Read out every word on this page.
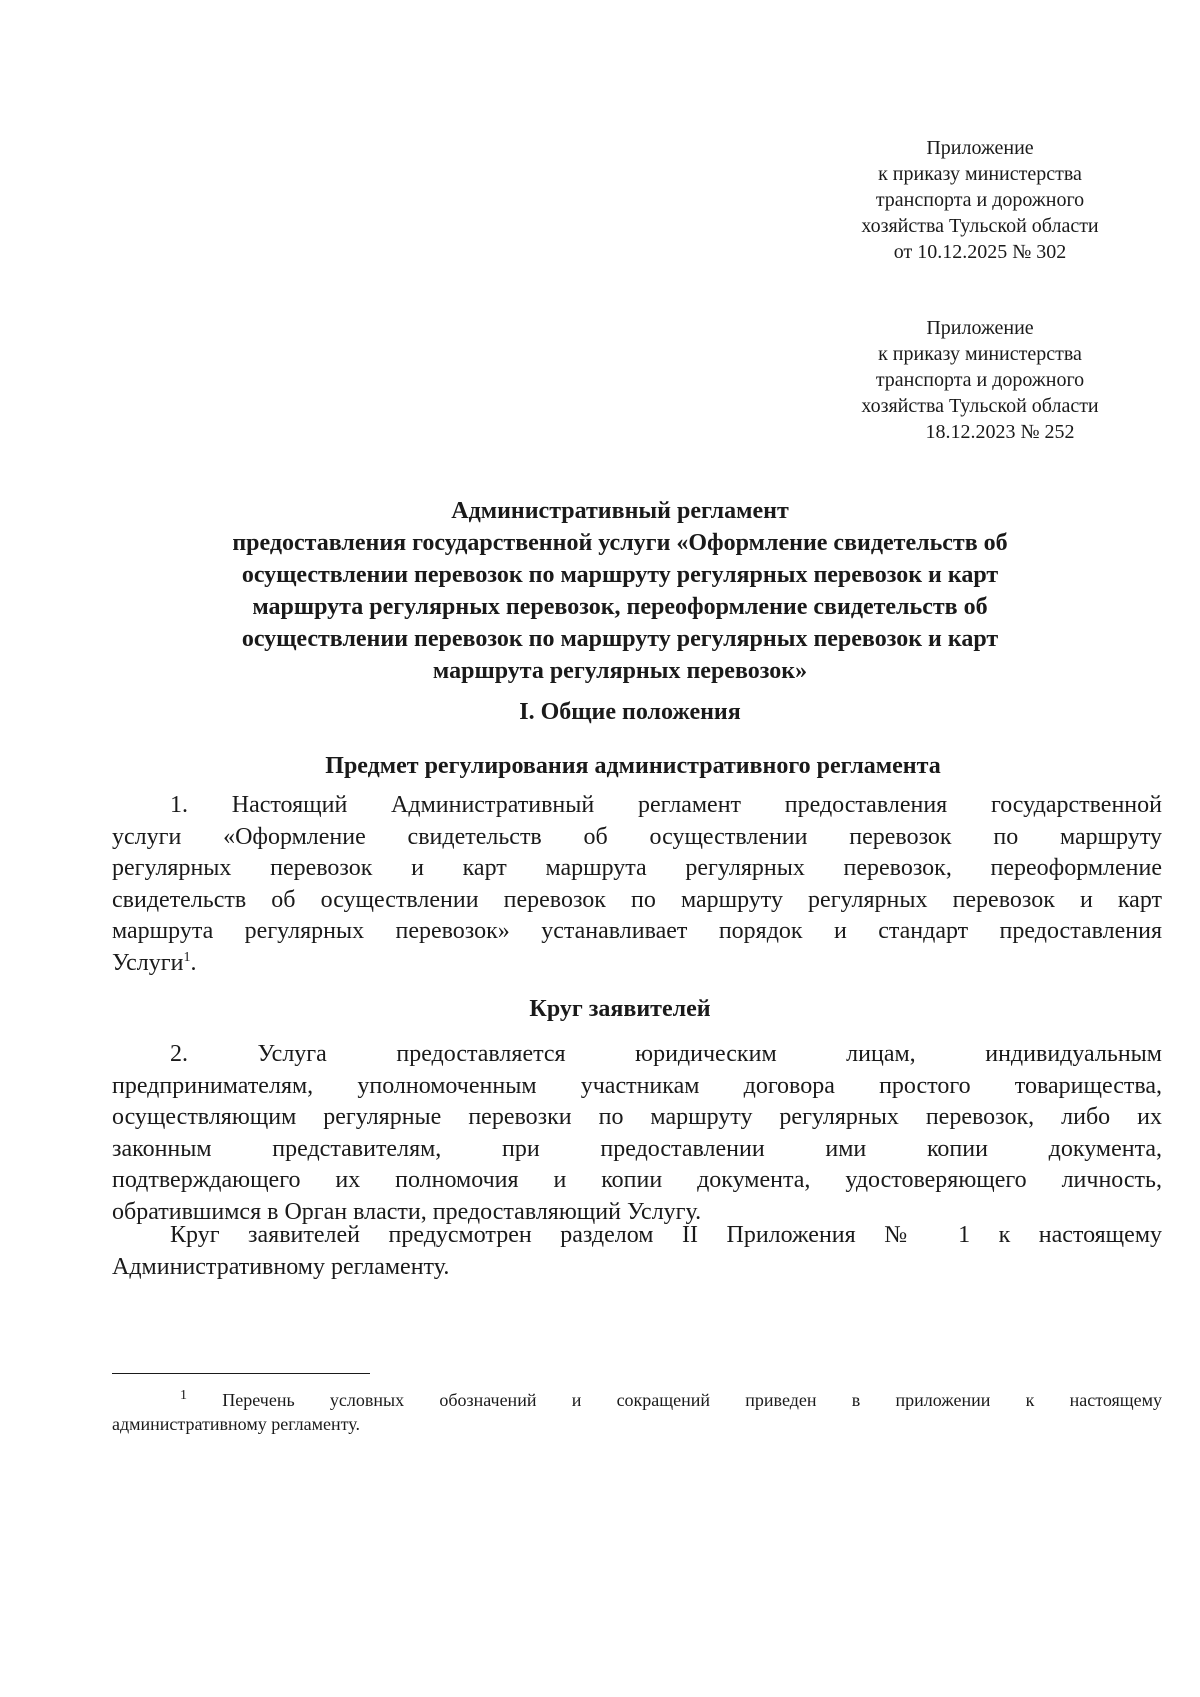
Приложение
к приказу министерства
транспорта и дорожного
хозяйства Тульской области
от 10.12.2025 № 302
Приложение
к приказу министерства
транспорта и дорожного
хозяйства Тульской области
18.12.2023 № 252
Административный регламент
предоставления государственной услуги «Оформление свидетельств об
осуществлении перевозок по маршруту регулярных перевозок и карт
маршрута регулярных перевозок, переоформление свидетельств об
осуществлении перевозок по маршруту регулярных перевозок и карт
маршрута регулярных перевозок»
I. Общие положения
Предмет регулирования административного регламента
1. Настоящий Административный регламент предоставления государственной
услуги «Оформление свидетельств об осуществлении перевозок по маршруту
регулярных перевозок и карт маршрута регулярных перевозок, переоформление
свидетельств об осуществлении перевозок по маршруту регулярных перевозок и карт
маршрута регулярных перевозок» устанавливает порядок и стандарт предоставления
Услуги$^1$.
Круг заявителей
2. Услуга предоставляется юридическим лицам, индивидуальным
предпринимателям, уполномоченным участникам договора простого товарищества,
осуществляющим регулярные перевозки по маршруту регулярных перевозок, либо их
законным представителям, при предоставлении ими копии документа,
подтверждающего их полномочия и копии документа, удостоверяющего личность,
обратившимся в Орган власти, предоставляющий Услугу.
Круг заявителей предусмотрен разделом II Приложения № 1 к настоящему
Административному регламенту.
$^1$ Перечень условных обозначений и сокращений приведен в приложении к настоящему
административному регламенту.
